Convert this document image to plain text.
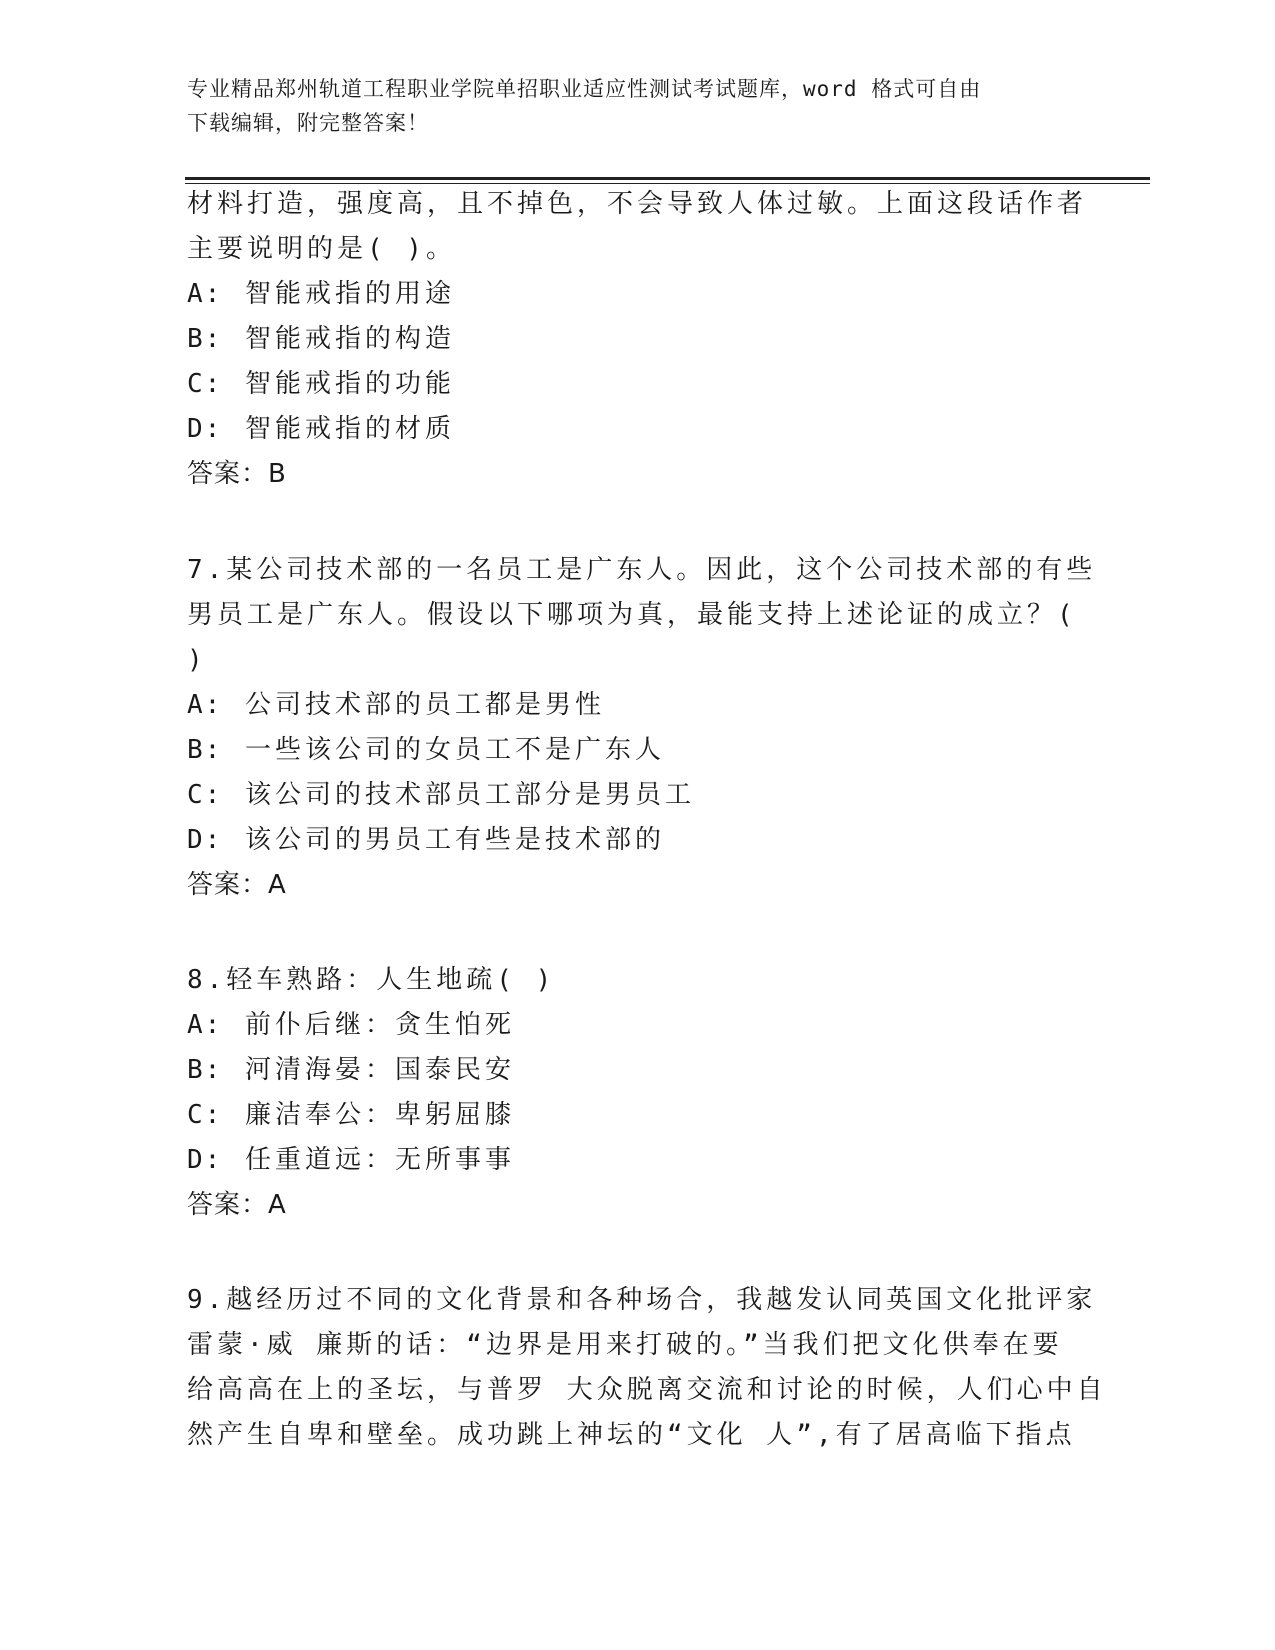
专业精品郑州轨道工程职业学院单招职业适应性测试考试题库，word 格式可自由
下载编辑，附完整答案！
材料打造，强度高，且不掉色，不会导致人体过敏。上面这段话作者
主要说明的是( )。
A: 智能戒指的用途
B: 智能戒指的构造
C: 智能戒指的功能
D: 智能戒指的材质
答案：B
7.某公司技术部的一名员工是广东人。因此，这个公司技术部的有些
男员工是广东人。假设以下哪项为真，最能支持上述论证的成立？(
)
A: 公司技术部的员工都是男性
B: 一些该公司的女员工不是广东人
C: 该公司的技术部员工部分是男员工
D: 该公司的男员工有些是技术部的
答案：A
8.轻车熟路：人生地疏( )
A: 前仆后继：贪生怕死
B: 河清海晏：国泰民安
C: 廉洁奉公：卑躬屈膝
D: 任重道远：无所事事
答案：A
9.越经历过不同的文化背景和各种场合，我越发认同英国文化批评家
雷蒙·威 廉斯的话：“边界是用来打破的。”当我们把文化供奉在要
给高高在上的圣坛，与普罗 大众脱离交流和讨论的时候，人们心中自
然产生自卑和壁垒。成功跳上神坛的“文化 人”,有了居高临下指点
